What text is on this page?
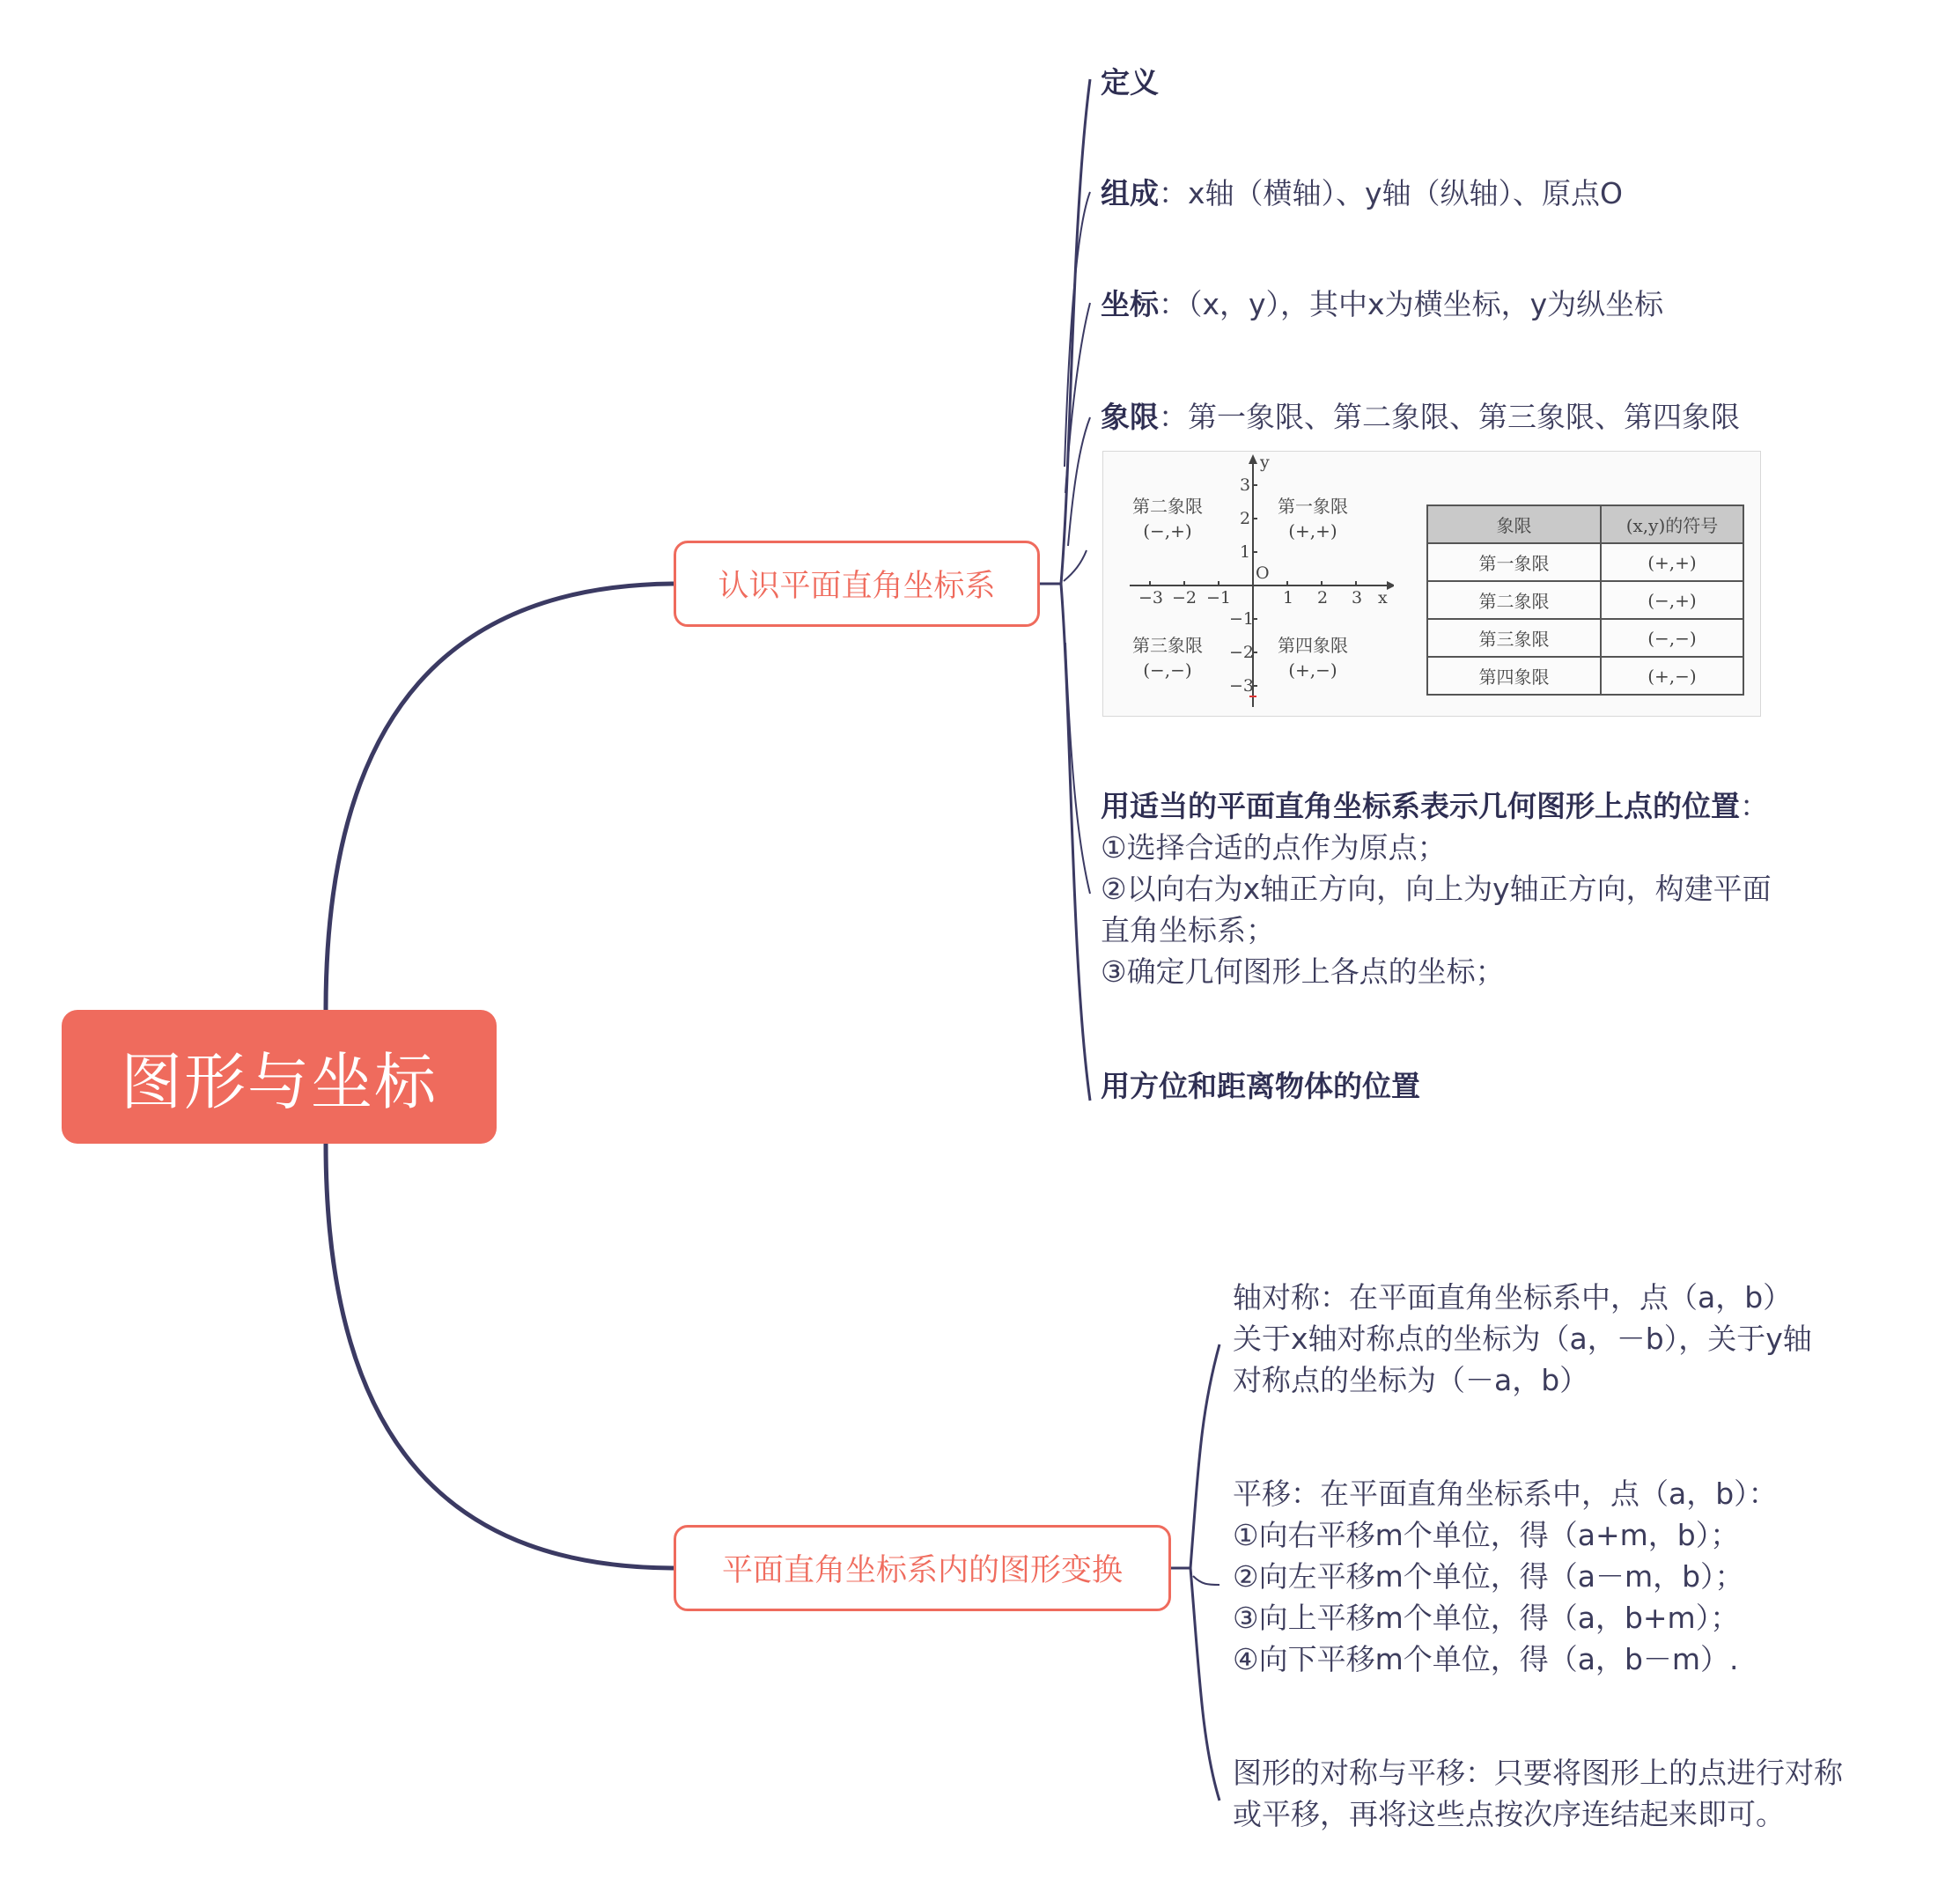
图形与坐标
认识平面直角坐标系
平面直角坐标系内的图形变换
定义
组成：x轴（横轴）、y轴（纵轴）、原点O
坐标：（x，y），其中x为横坐标，y为纵坐标
象限：第一象限、第二象限、第三象限、第四象限
x
y
O
−3 −2 −1	1 2 3
3
2
1
−1
−2
−3
第二象限
(−,+)
第一象限
(+,+)
第三象限
(−,−)
第四象限
(+,−)
象限	(x,y)的符号
第一象限	(+,+)
第二象限	(−,+)
第三象限	(−,−)
第四象限	(+,−)
用适当的平面直角坐标系表示几何图形上点的位置：
①选择合适的点作为原点；
②以向右为x轴正方向，向上为y轴正方向，构建平面
直角坐标系；
③确定几何图形上各点的坐标；
用方位和距离物体的位置
轴对称：在平面直角坐标系中，点（a，b）
关于x轴对称点的坐标为（a，－b），关于y轴
对称点的坐标为（－a，b）
平移：在平面直角坐标系中，点（a，b）：
①向右平移m个单位，得（a+m，b）；
②向左平移m个单位，得（a－m，b）；
③向上平移m个单位，得（a，b+m）；
④向下平移m个单位，得（a，b－m）.
图形的对称与平移：只要将图形上的点进行对称
或平移，再将这些点按次序连结起来即可。
